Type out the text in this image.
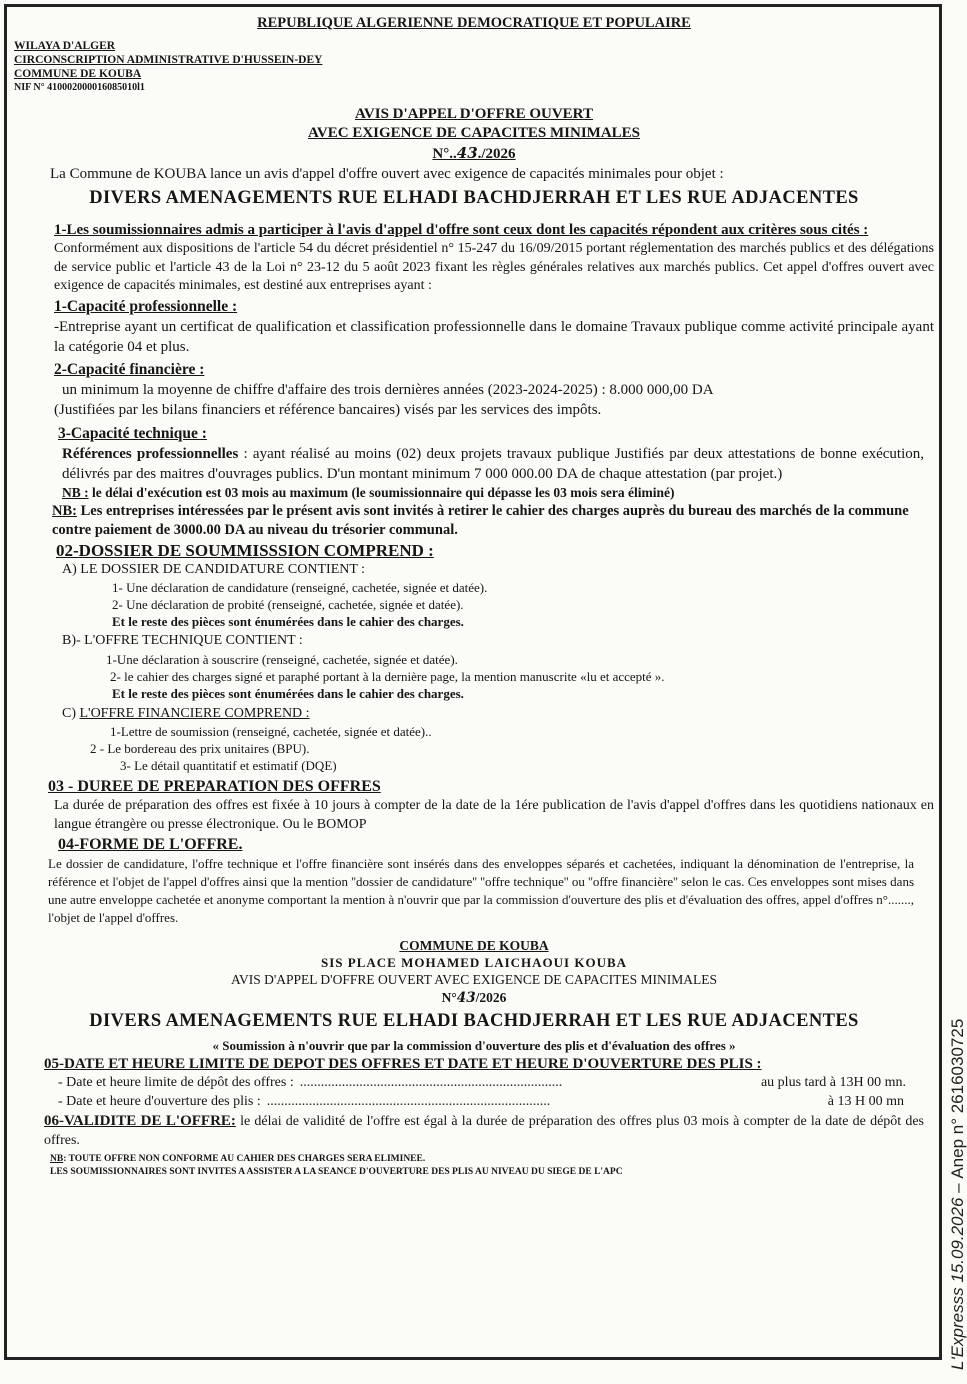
REPUBLIQUE ALGERIENNE DEMOCRATIQUE ET POPULAIRE
WILAYA D'ALGER
CIRCONSCRIPTION ADMINISTRATIVE D'HUSSEIN-DEY
COMMUNE DE KOUBA
NIF N° 410002000016085010l1
AVIS D'APPEL D'OFFRE OUVERT
AVEC EXIGENCE DE CAPACITES MINIMALES
N°..43./2026
La Commune de KOUBA lance un avis d'appel d'offre ouvert avec exigence de capacités minimales pour objet :
DIVERS AMENAGEMENTS RUE ELHADI BACHDJERRAH ET LES RUE ADJACENTES
1-Les soumissionnaires admis a participer à l'avis d'appel d'offre sont ceux dont les capacités répondent aux critères sous cités :
Conformément aux dispositions de l'article 54 du décret présidentiel n° 15-247 du 16/09/2015 portant réglementation des marchés publics et des délégations de service public et l'article 43 de la Loi n° 23-12 du 5 août 2023 fixant les règles générales relatives aux marchés publics. Cet appel d'offres ouvert avec exigence de capacités minimales, est destiné aux entreprises ayant :
1-Capacité professionnelle :
-Entreprise ayant un certificat de qualification et classification professionnelle dans le domaine Travaux publique comme activité principale ayant la catégorie 04 et plus.
2-Capacité financière :
un minimum la moyenne de chiffre d'affaire des trois dernières années (2023-2024-2025) : 8.000 000,00 DA
(Justifiées par les bilans financiers et référence bancaires) visés par les services des impôts.
3-Capacité technique :
Références professionnelles : ayant réalisé au moins (02) deux projets travaux publique Justifiés par deux attestations de bonne exécution, délivrés par des maitres d'ouvrages publics. D'un montant minimum 7 000 000.00 DA de chaque attestation (par projet.)
NB : le délai d'exécution est 03 mois au maximum (le soumissionnaire qui dépasse les 03 mois sera éliminé)
NB: Les entreprises intéressées par le présent avis sont invités à retirer le cahier des charges auprès du bureau des marchés de la commune contre paiement de 3000.00 DA au niveau du trésorier communal.
02-DOSSIER DE SOUMMISSSION COMPREND :
A) LE DOSSIER DE CANDIDATURE CONTIENT :
1- Une déclaration de candidature (renseigné, cachetée, signée et datée).
2- Une déclaration de probité (renseigné, cachetée, signée et datée).
Et le reste des pièces sont énumérées dans le cahier des charges.
B)- L'OFFRE TECHNIQUE CONTIENT :
1-Une déclaration à souscrire (renseigné, cachetée, signée et datée).
2- le cahier des charges signé et paraphé portant à la dernière page, la mention manuscrite «lu et accepté ».
Et le reste des pièces sont énumérées dans le cahier des charges.
C) L'OFFRE FINANCIERE COMPREND :
1-Lettre de soumission (renseigné, cachetée, signée et datée)..
2 - Le bordereau des prix unitaires (BPU).
3- Le détail quantitatif et estimatif (DQE)
03 - DUREE DE PREPARATION DES OFFRES
La durée de préparation des offres est fixée à 10 jours à compter de la date de la 1ére publication de l'avis d'appel d'offres dans les quotidiens nationaux en langue étrangère ou presse électronique. Ou le BOMOP
04-FORME DE L'OFFRE.
Le dossier de candidature, l'offre technique et l'offre financière sont insérés dans des enveloppes séparés et cachetées, indiquant la dénomination de l'entreprise, la référence et l'objet de l'appel d'offres ainsi que la mention ''dossier de candidature'' ''offre technique'' ou ''offre financière'' selon le cas. Ces enveloppes sont mises dans une autre enveloppe cachetée et anonyme comportant la mention à n'ouvrir que par la commission d'ouverture des plis et d'évaluation des offres, appel d'offres n°......., l'objet de l'appel d'offres.
COMMUNE DE KOUBA
SIS PLACE MOHAMED LAICHAOUI KOUBA
AVIS D'APPEL D'OFFRE OUVERT AVEC EXIGENCE DE CAPACITES MINIMALES
N°43/2026
DIVERS AMENAGEMENTS RUE ELHADI BACHDJERRAH ET LES RUE ADJACENTES
« Soumission à n'ouvrir que par la commission d'ouverture des plis et d'évaluation des offres »
05-DATE ET HEURE LIMITE DE DEPOT DES OFFRES ET DATE ET HEURE D'OUVERTURE DES PLIS :
- Date et heure limite de dépôt des offres : ...........................................................................	au plus tard à 13H 00 mn.
- Date et heure d'ouverture des plis : .................................................................................	à 13 H 00 mn
06-VALIDITE DE L'OFFRE: le délai de validité de l'offre est égal à la durée de préparation des offres plus 03 mois à compter de la date de dépôt des offres.
NB: TOUTE OFFRE NON CONFORME AU CAHIER DES CHARGES SERA ELIMINEE.
LES SOUMISSIONNAIRES SONT INVITES A ASSISTER A LA SEANCE D'OUVERTURE DES PLIS AU NIVEAU DU SIEGE DE L'APC
L'Expresss 15.09.2026 – Anep n° 2616030725
